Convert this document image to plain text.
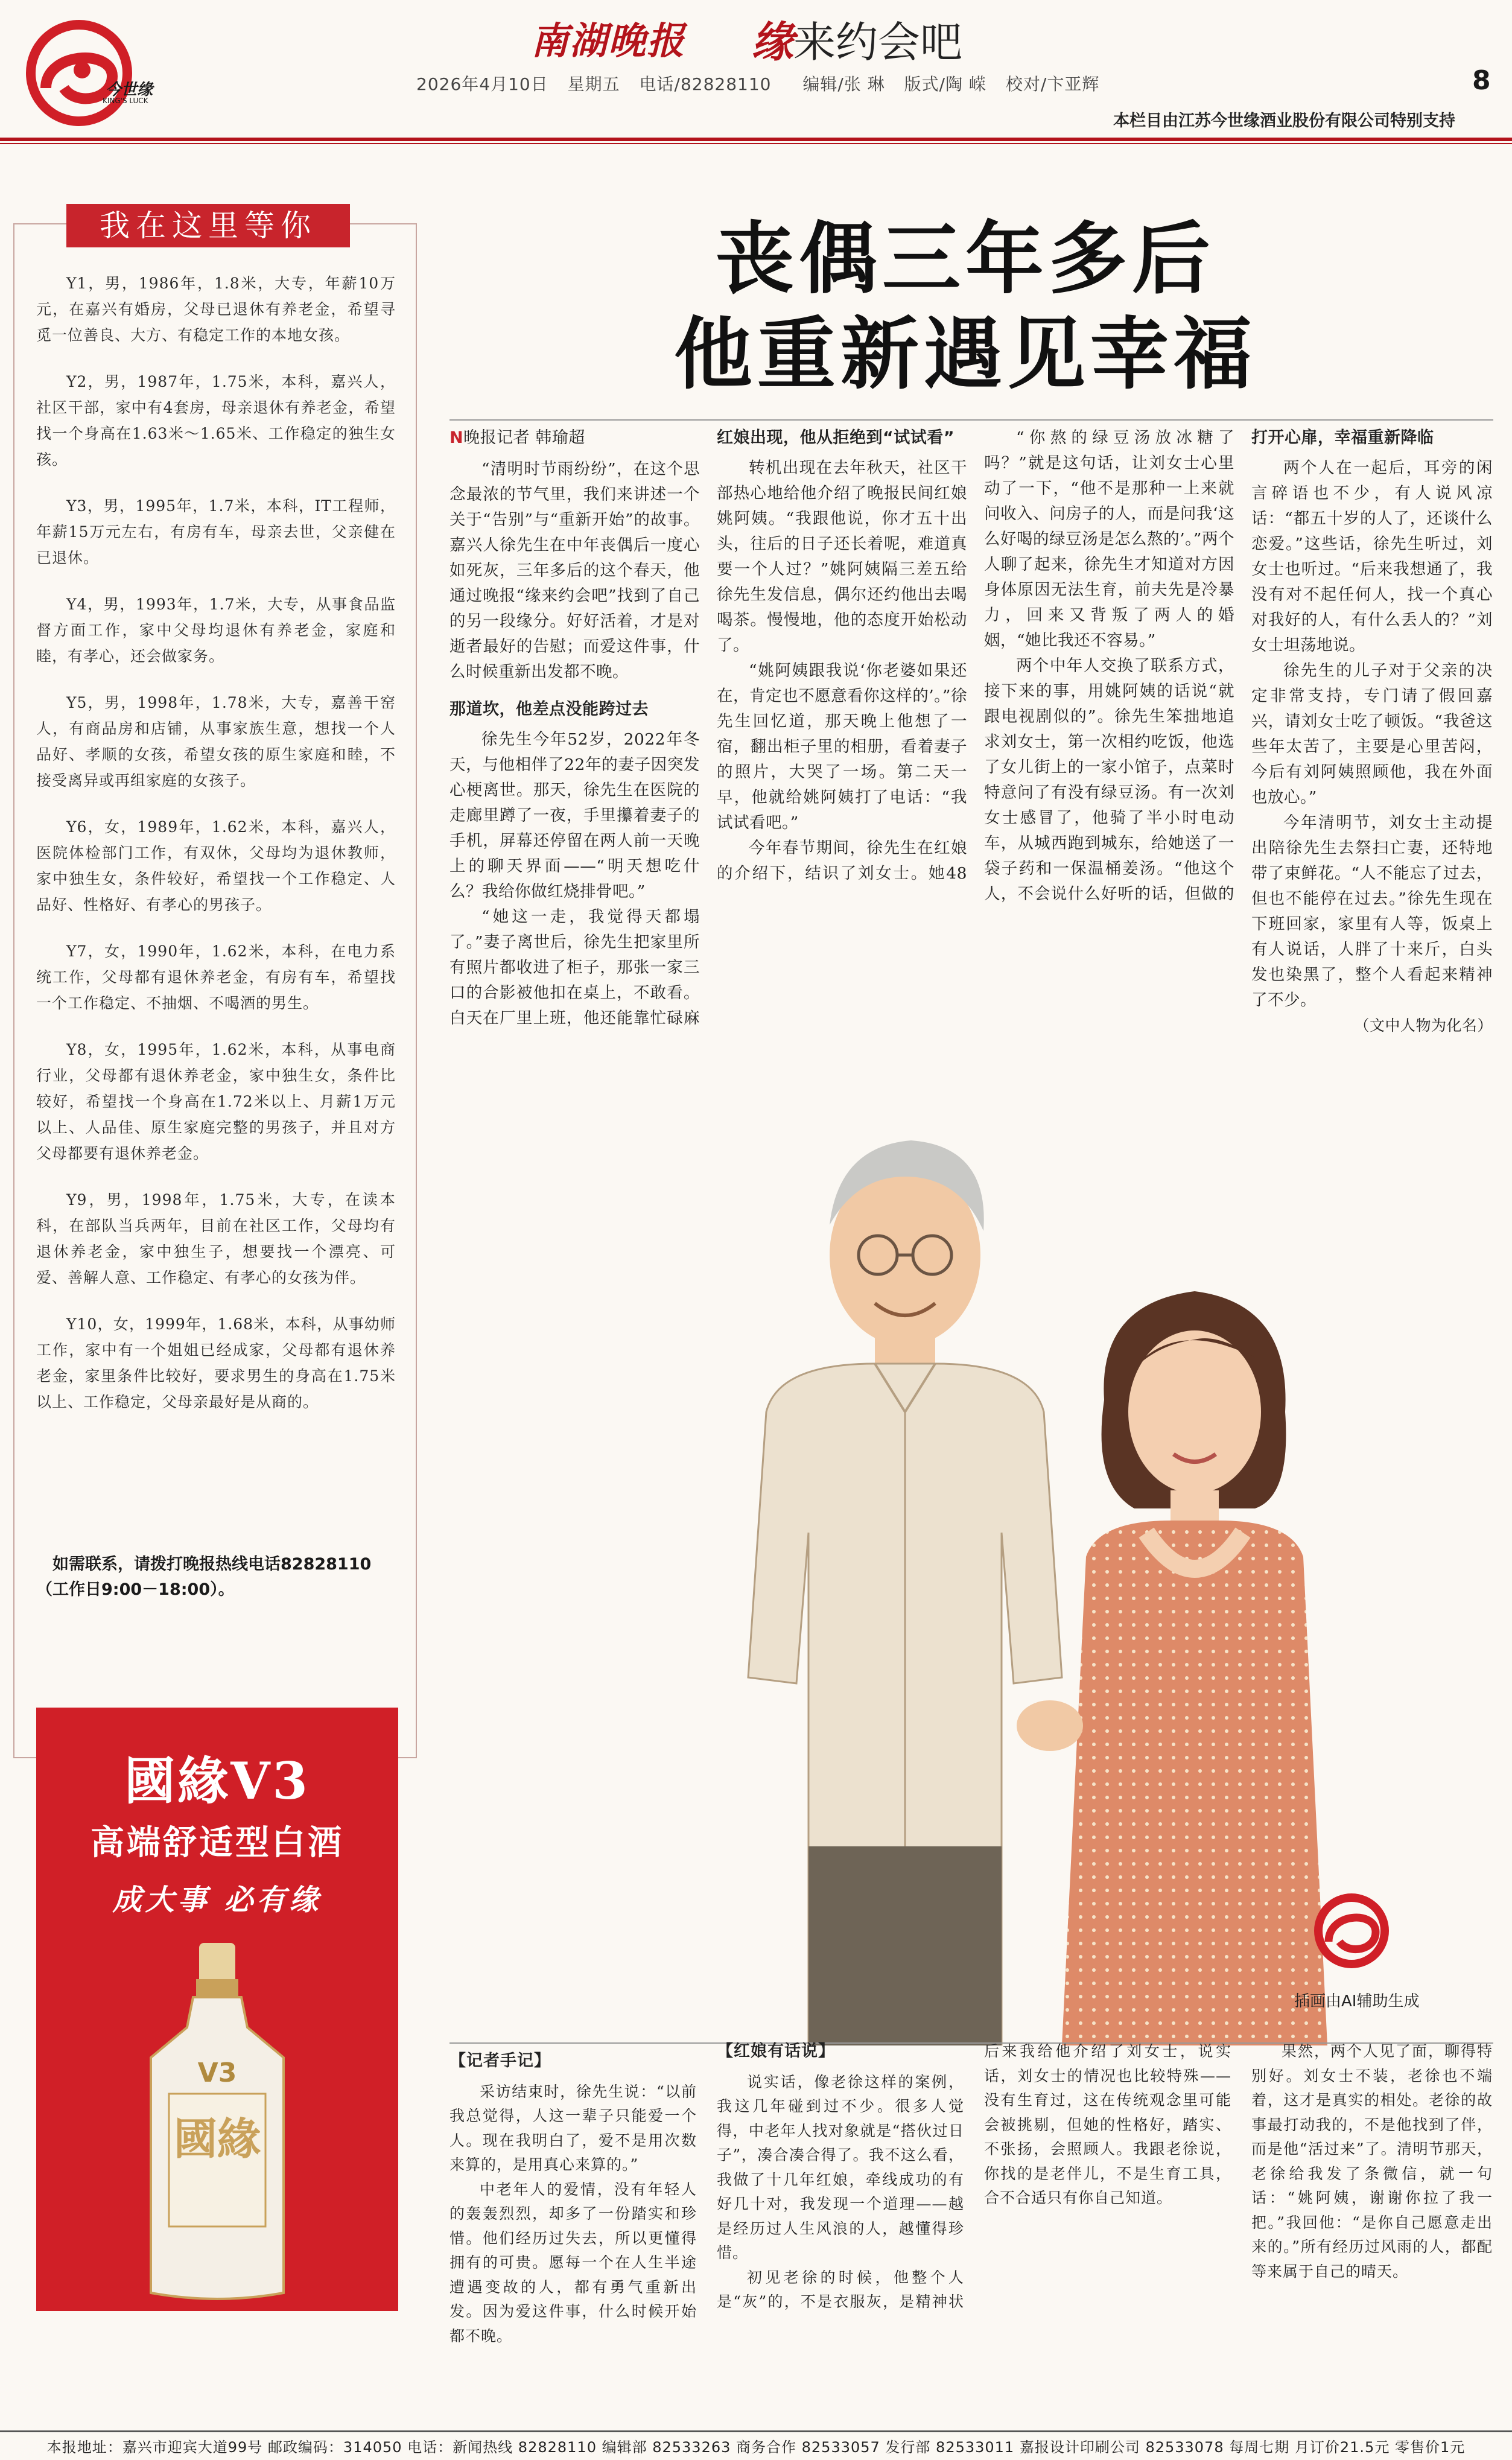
今世缘
KING'S LUCK
南湖晚报 缘来约会吧
2026年4月10日 星期五 电话/82828110 编辑/张 琳 版式/陶 嵘 校对/卞亚辉	8
本栏目由江苏今世缘酒业股份有限公司特别支持
我在这里等你

Y1，男，1986年，1.8米，大专，年薪10万元，在嘉兴有婚房，父母已退休有养老金，希望寻觅一位善良、大方、有稳定工作的本地女孩。

Y2，男，1987年，1.75米，本科，嘉兴人，社区干部，家中有4套房，母亲退休有养老金，希望找一个身高在1.63米～1.65米、工作稳定的独生女孩。

Y3，男，1995年，1.7米，本科，IT工程师，年薪15万元左右，有房有车，母亲去世，父亲健在已退休。

Y4，男，1993年，1.7米，大专，从事食品监督方面工作，家中父母均退休有养老金，家庭和睦，有孝心，还会做家务。

Y5，男，1998年，1.78米，大专，嘉善干窑人，有商品房和店铺，从事家族生意，想找一个人品好、孝顺的女孩，希望女孩的原生家庭和睦，不接受离异或再组家庭的女孩子。

Y6，女，1989年，1.62米，本科，嘉兴人，医院体检部门工作，有双休，父母均为退休教师，家中独生女，条件较好，希望找一个工作稳定、人品好、性格好、有孝心的男孩子。

Y7，女，1990年，1.62米，本科，在电力系统工作，父母都有退休养老金，有房有车，希望找一个工作稳定、不抽烟、不喝酒的男生。

Y8，女，1995年，1.62米，本科，从事电商行业，父母都有退休养老金，家中独生女，条件比较好，希望找一个身高在1.72米以上、月薪1万元以上、人品佳、原生家庭完整的男孩子，并且对方父母都要有退休养老金。

Y9，男，1998年，1.75米，大专，在读本科，在部队当兵两年，目前在社区工作，父母均有退休养老金，家中独生子，想要找一个漂亮、可爱、善解人意、工作稳定、有孝心的女孩为伴。

Y10，女，1999年，1.68米，本科，从事幼师工作，家中有一个姐姐已经成家，父母都有退休养老金，家里条件比较好，要求男生的身高在1.75米以上、工作稳定，父母亲最好是从商的。

如需联系，请拨打晚报热线电话82828110（工作日9:00－18:00）。
國緣V3
高端舒适型白酒
成大事 必有缘
V3
國緣
丧偶三年多后
他重新遇见幸福

N晚报记者 韩瑜超

“清明时节雨纷纷”，在这个思念最浓的节气里，我们来讲述一个关于“告别”与“重新开始”的故事。嘉兴人徐先生在中年丧偶后一度心如死灰，三年多后的这个春天，他通过晚报“缘来约会吧”找到了自己的另一段缘分。好好活着，才是对逝者最好的告慰；而爱这件事，什么时候重新出发都不晚。

那道坎，他差点没能跨过去

徐先生今年52岁，2022年冬天，与他相伴了22年的妻子因突发心梗离世。那天，徐先生在医院的走廊里蹲了一夜，手里攥着妻子的手机，屏幕还停留在两人前一天晚上的聊天界面——“明天想吃什么？我给你做红烧排骨吧。”

“她这一走，我觉得天都塌了。”妻子离世后，徐先生把家里所有照片都收进了柜子，那张一家三口的合影被他扣在桌上，不敢看。白天在厂里上班，他还能靠忙碌麻

红娘出现，他从拒绝到“试试看”

转机出现在去年秋天，社区干部热心地给他介绍了晚报民间红娘姚阿姨。“我跟他说，你才五十出头，往后的日子还长着呢，难道真要一个人过？”姚阿姨隔三差五给徐先生发信息，偶尔还约他出去喝喝茶。慢慢地，他的态度开始松动了。

“姚阿姨跟我说‘你老婆如果还在，肯定也不愿意看你这样的’。”徐先生回忆道，那天晚上他想了一宿，翻出柜子里的相册，看着妻子的照片，大哭了一场。第二天一早，他就给姚阿姨打了电话：“我试试看吧。”

今年春节期间，徐先生在红娘的介绍下，结识了刘女士。她48

“你熬的绿豆汤放冰糖了吗？”就是这句话，让刘女士心里动了一下，“他不是那种一上来就问收入、问房子的人，而是问我‘这么好喝的绿豆汤是怎么熬的’。”两个人聊了起来，徐先生才知道对方因身体原因无法生育，前夫先是冷暴力，回来又背叛了两人的婚姻，“她比我还不容易。”

两个中年人交换了联系方式，接下来的事，用姚阿姨的话说“就跟电视剧似的”。徐先生笨拙地追求刘女士，第一次相约吃饭，他选了女儿街上的一家小馆子，点菜时特意问了有没有绿豆汤。有一次刘女士感冒了，他骑了半小时电动车，从城西跑到城东，给她送了一袋子药和一保温桶姜汤。“他这个人，不会说什么好听的话，但做的

打开心扉，幸福重新降临

两个人在一起后，耳旁的闲言碎语也不少，有人说风凉话：“都五十岁的人了，还谈什么恋爱。”这些话，徐先生听过，刘女士也听过。“后来我想通了，我没有对不起任何人，找一个真心对我好的人，有什么丢人的？”刘女士坦荡地说。

徐先生的儿子对于父亲的决定非常支持，专门请了假回嘉兴，请刘女士吃了顿饭。“我爸这些年太苦了，主要是心里苦闷，今后有刘阿姨照顾他，我在外面也放心。”

今年清明节，刘女士主动提出陪徐先生去祭扫亡妻，还特地带了束鲜花。“人不能忘了过去，但也不能停在过去。”徐先生现在下班回家，家里有人等，饭桌上有人说话，人胖了十来斤，白头发也染黑了，整个人看起来精神了不少。

（文中人物为化名）

插画由AI辅助生成
【记者手记】

采访结束时，徐先生说：“以前我总觉得，人这一辈子只能爱一个人。现在我明白了，爱不是用次数来算的，是用真心来算的。”

中老年人的爱情，没有年轻人的轰轰烈烈，却多了一份踏实和珍惜。他们经历过失去，所以更懂得拥有的可贵。愿每一个在人生半途遭遇变故的人，都有勇气重新出发。因为爱这件事，什么时候开始都不晚。

【红娘有话说】

说实话，像老徐这样的案例，我这几年碰到过不少。很多人觉得，中老年人找对象就是“搭伙过日子”，凑合凑合得了。我不这么看，我做了十几年红娘，牵线成功的有好几十对，我发现一个道理——越是经历过人生风浪的人，越懂得珍惜。

初见老徐的时候，他整个人是“灰”的，不是衣服灰，是精神状

后来我给他介绍了刘女士，说实话，刘女士的情况也比较特殊——没有生育过，这在传统观念里可能会被挑剔，但她的性格好，踏实、不张扬，会照顾人。我跟老徐说，你找的是老伴儿，不是生育工具，合不合适只有你自己知道。

果然，两个人见了面，聊得特别好。刘女士不装，老徐也不端着，这才是真实的相处。老徐的故事最打动我的，不是他找到了伴，而是他“活过来”了。清明节那天，老徐给我发了条微信，就一句话：“姚阿姨，谢谢你拉了我一把。”我回他：“是你自己愿意走出来的。”所有经历过风雨的人，都配等来属于自己的晴天。

本报地址：嘉兴市迎宾大道99号 邮政编码：314050 电话：新闻热线 82828110 编辑部 82533263 商务合作 82533057 发行部 82533011 嘉报设计印刷公司 82533078 每周七期 月订价21.5元 零售价1元
